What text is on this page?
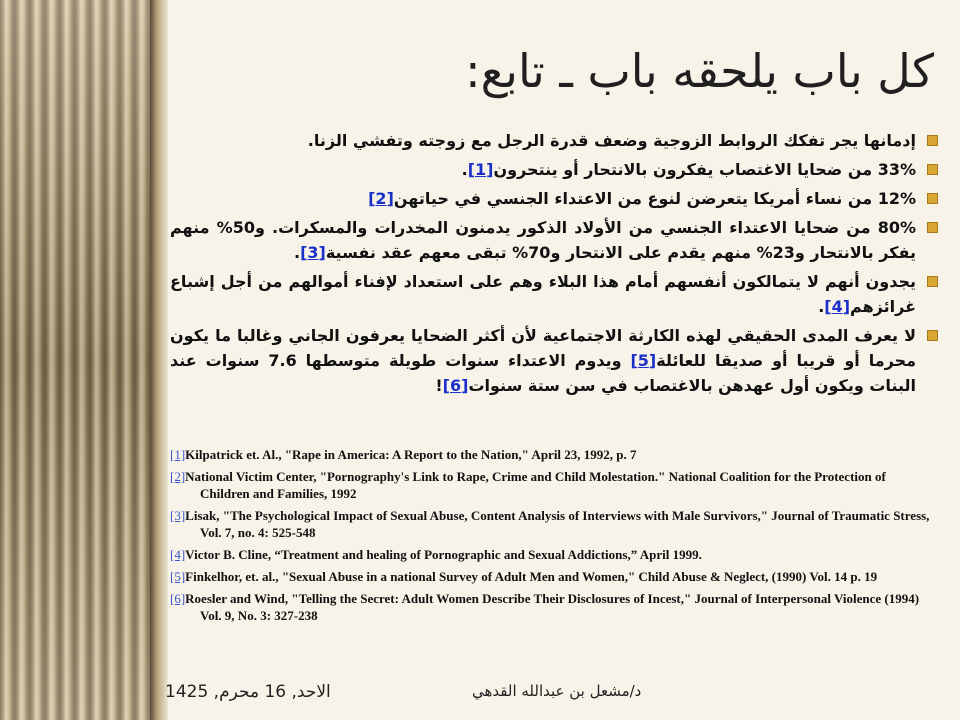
كل باب يلحقه باب ـ تابع:
إدمانها يجر تفكك الروابط الزوجية وضعف قدرة الرجل مع زوجته وتفشي الزنا.
33% من ضحايا الاغتصاب يفكرون بالانتحار أو ينتحرون[1].
12% من نساء أمريكا يتعرضن لنوع من الاعتداء الجنسي في حياتهن[2]
80% من ضحايا الاعتداء الجنسي من الأولاد الذكور يدمنون المخدرات والمسكرات. و50% منهم يفكر بالانتحار و23% منهم يقدم على الانتحار و70% تبقى معهم عقد نفسية[3].
يجدون أنهم لا يتمالكون أنفسهم أمام هذا البلاء وهم على استعداد لإفناء أموالهم من أجل إشباع غرائزهم[4].
لا يعرف المدى الحقيقي لهذه الكارثة الاجتماعية لأن أكثر الضحايا يعرفون الجاني وغالبا ما يكون محرما أو قريبا أو صديقا للعائلة[5] ويدوم الاعتداء سنوات طويلة متوسطها 7.6 سنوات عند البنات ويكون أول عهدهن بالاغتصاب في سن ستة سنوات[6]!
[1]Kilpatrick et. Al., "Rape in America: A Report to the Nation," April 23, 1992, p. 7
[2]National Victim Center, "Pornography's Link to Rape, Crime and Child Molestation." National Coalition for the Protection of Children and Families, 1992
[3]Lisak, "The Psychological Impact of Sexual Abuse, Content Analysis of Interviews with Male Survivors," Journal of Traumatic Stress, Vol. 7, no. 4: 525-548
[4]Victor B. Cline, “Treatment and healing of Pornographic and Sexual Addictions,” April 1999.
[5]Finkelhor, et. al., "Sexual Abuse in a national Survey of Adult Men and Women," Child Abuse & Neglect, (1990) Vol. 14 p. 19
[6]Roesler and Wind, "Telling the Secret: Adult Women Describe Their Disclosures of Incest," Journal of Interpersonal Violence (1994) Vol. 9, No. 3: 327-238
الاحد, 16 محرم, 1425	د/مشعل بن عبدالله القدهي
